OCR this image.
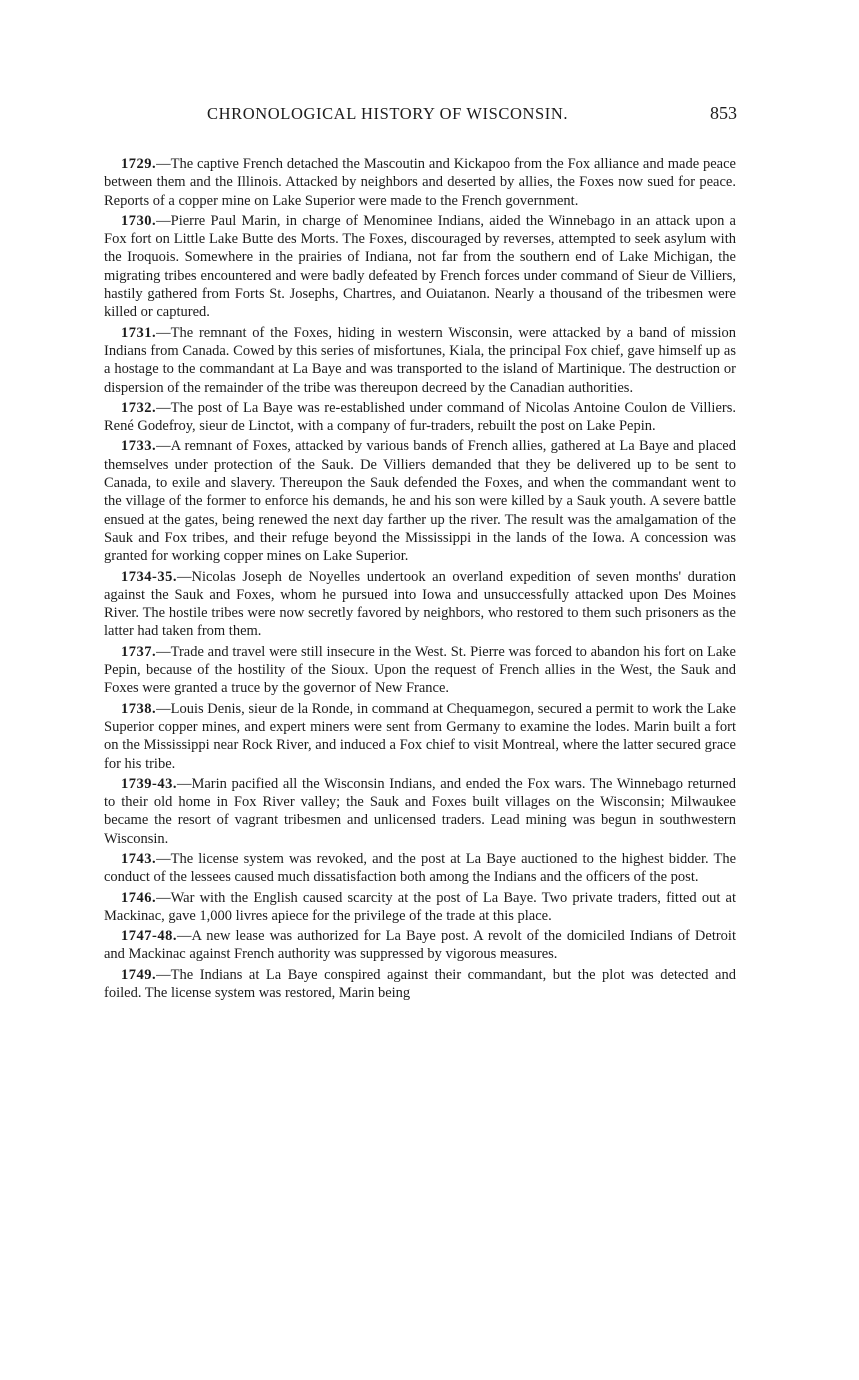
CHRONOLOGICAL HISTORY OF WISCONSIN.	853

1729.—The captive French detached the Mascoutin and Kickapoo from the Fox alliance and made peace between them and the Illinois. Attacked by neighbors and deserted by allies, the Foxes now sued for peace. Reports of a copper mine on Lake Superior were made to the French government.

1730.—Pierre Paul Marin, in charge of Menominee Indians, aided the Winnebago in an attack upon a Fox fort on Little Lake Butte des Morts. The Foxes, discouraged by reverses, attempted to seek asylum with the Iroquois. Somewhere in the prairies of Indiana, not far from the southern end of Lake Michigan, the migrating tribes encountered and were badly defeated by French forces under command of Sieur de Villiers, hastily gathered from Forts St. Josephs, Chartres, and Ouiatanon. Nearly a thousand of the tribesmen were killed or captured.

1731.—The remnant of the Foxes, hiding in western Wisconsin, were attacked by a band of mission Indians from Canada. Cowed by this series of misfortunes, Kiala, the principal Fox chief, gave himself up as a hostage to the commandant at La Baye and was transported to the island of Martinique. The destruction or dispersion of the remainder of the tribe was thereupon decreed by the Canadian authorities.

1732.—The post of La Baye was re-established under command of Nicolas Antoine Coulon de Villiers. René Godefroy, sieur de Linctot, with a company of fur-traders, rebuilt the post on Lake Pepin.

1733.—A remnant of Foxes, attacked by various bands of French allies, gathered at La Baye and placed themselves under protection of the Sauk. De Villiers demanded that they be delivered up to be sent to Canada, to exile and slavery. Thereupon the Sauk defended the Foxes, and when the commandant went to the village of the former to enforce his demands, he and his son were killed by a Sauk youth. A severe battle ensued at the gates, being renewed the next day farther up the river. The result was the amalgamation of the Sauk and Fox tribes, and their refuge beyond the Mississippi in the lands of the Iowa. A concession was granted for working copper mines on Lake Superior.

1734-35.—Nicolas Joseph de Noyelles undertook an overland expedition of seven months' duration against the Sauk and Foxes, whom he pursued into Iowa and unsuccessfully attacked upon Des Moines River. The hostile tribes were now secretly favored by neighbors, who restored to them such prisoners as the latter had taken from them.

1737.—Trade and travel were still insecure in the West. St. Pierre was forced to abandon his fort on Lake Pepin, because of the hostility of the Sioux. Upon the request of French allies in the West, the Sauk and Foxes were granted a truce by the governor of New France.

1738.—Louis Denis, sieur de la Ronde, in command at Chequamegon, secured a permit to work the Lake Superior copper mines, and expert miners were sent from Germany to examine the lodes. Marin built a fort on the Mississippi near Rock River, and induced a Fox chief to visit Montreal, where the latter secured grace for his tribe.

1739-43.—Marin pacified all the Wisconsin Indians, and ended the Fox wars. The Winnebago returned to their old home in Fox River valley; the Sauk and Foxes built villages on the Wisconsin; Milwaukee became the resort of vagrant tribesmen and unlicensed traders. Lead mining was begun in southwestern Wisconsin.

1743.—The license system was revoked, and the post at La Baye auctioned to the highest bidder. The conduct of the lessees caused much dissatisfaction both among the Indians and the officers of the post.

1746.—War with the English caused scarcity at the post of La Baye. Two private traders, fitted out at Mackinac, gave 1,000 livres apiece for the privilege of the trade at this place.

1747-48.—A new lease was authorized for La Baye post. A revolt of the domiciled Indians of Detroit and Mackinac against French authority was suppressed by vigorous measures.

1749.—The Indians at La Baye conspired against their commandant, but the plot was detected and foiled. The license system was restored, Marin being
